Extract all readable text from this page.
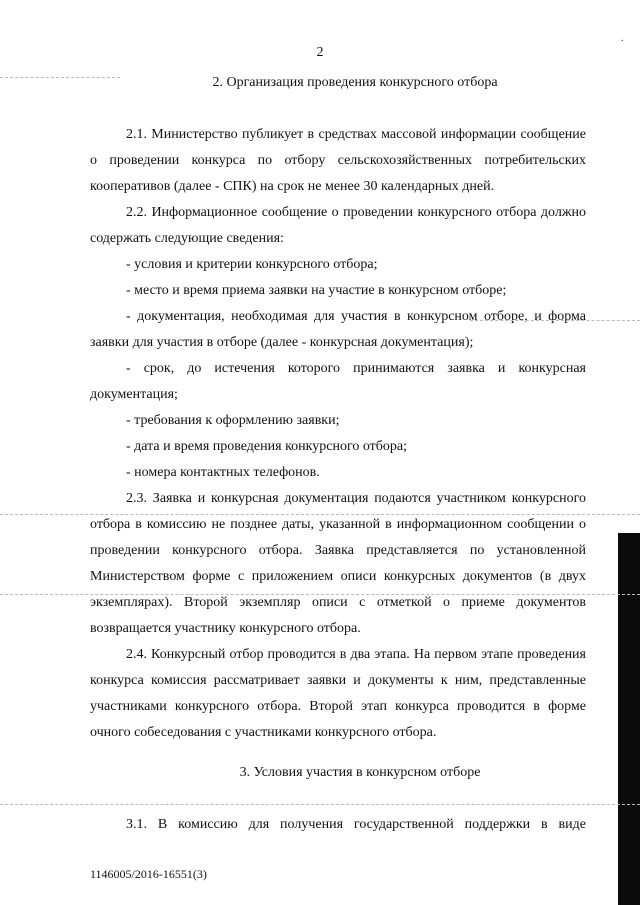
2
·
2. Организация проведения конкурсного отбора

2.1. Министерство публикует в средствах массовой информации сообщение о проведении конкурса по отбору сельскохозяйственных потребительских кооперативов (далее - СПК) на срок не менее 30 календарных дней.

2.2. Информационное сообщение о проведении конкурсного отбора должно содержать следующие сведения:

- условия и критерии конкурсного отбора;

- место и время приема заявки на участие в конкурсном отборе;

- документация, необходимая для участия в конкурсном отборе, и форма заявки для участия в отборе (далее - конкурсная документация);

- срок, до истечения которого принимаются заявка и конкурсная документация;

- требования к оформлению заявки;

- дата и время проведения конкурсного отбора;

- номера контактных телефонов.

2.3. Заявка и конкурсная документация подаются участником конкурсного отбора в комиссию не позднее даты, указанной в информационном сообщении о проведении конкурсного отбора. Заявка представляется по установленной Министерством форме с приложением описи конкурсных документов (в двух экземплярах). Второй экземпляр описи с отметкой о приеме документов возвращается участнику конкурсного отбора.

2.4. Конкурсный отбор проводится в два этапа. На первом этапе проведения конкурса комиссия рассматривает заявки и документы к ним, представленные участниками конкурсного отбора. Второй этап конкурса проводится в форме очного собеседования с участниками конкурсного отбора.

3. Условия участия в конкурсном отборе
3.1. В комиссию для получения государственной поддержки в виде
1146005/2016-16551(3)
